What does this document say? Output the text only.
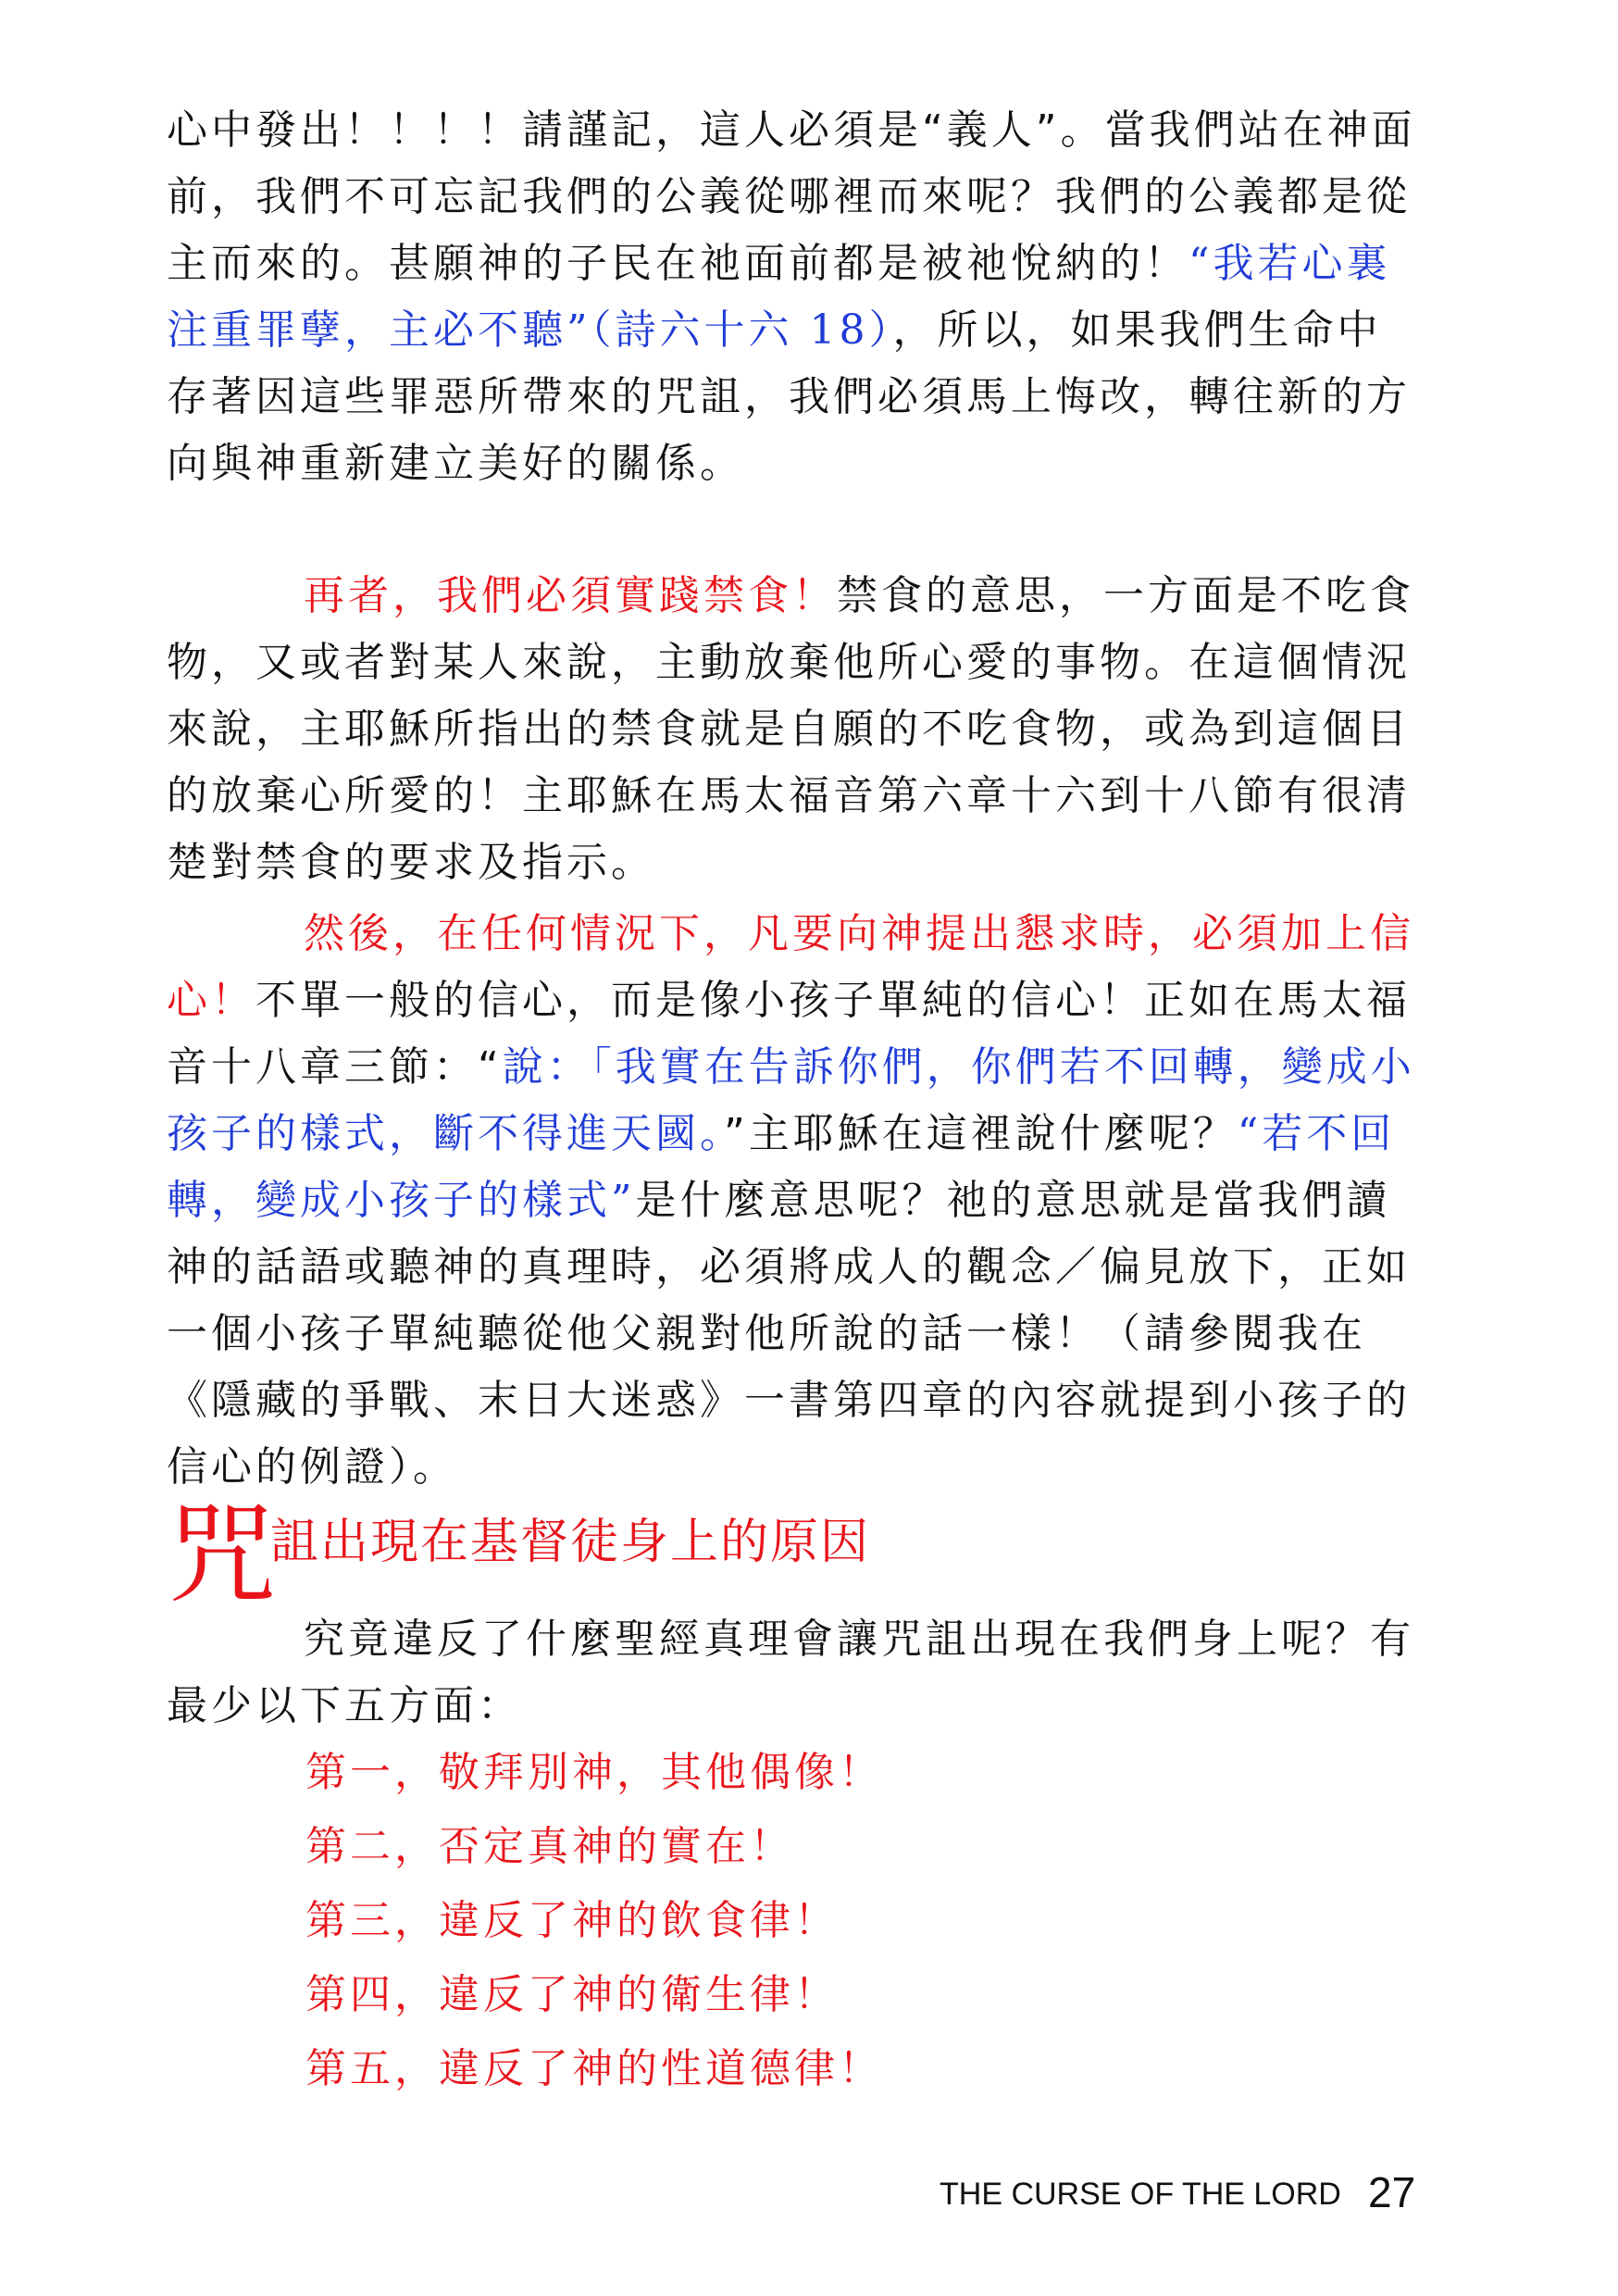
心中發出！！！！請謹記，這人必須是“義人”。當我們站在神面前，我們不可忘記我們的公義從哪裡而來呢？我們的公義都是從主而來的。甚願神的子民在祂面前都是被祂悅納的！“我若心裏注重罪孽，主必不聽”（詩六十六 18），所以，如果我們生命中存著因這些罪惡所帶來的咒詛，我們必須馬上悔改，轉往新的方向與神重新建立美好的關係。
再者，我們必須實踐禁食！禁食的意思，一方面是不吃食物，又或者對某人來說，主動放棄他所心愛的事物。在這個情況來說，主耶穌所指出的禁食就是自願的不吃食物，或為到這個目的放棄心所愛的！主耶穌在馬太福音第六章十六到十八節有很清楚對禁食的要求及指示。
然後，在任何情況下，凡要向神提出懇求時，必須加上信心！不單一般的信心，而是像小孩子單純的信心！正如在馬太福音十八章三節：“說：「我實在告訴你們，你們若不回轉，變成小孩子的樣式，斷不得進天國。”主耶穌在這裡說什麼呢？“若不回轉，變成小孩子的樣式”是什麼意思呢？祂的意思就是當我們讀神的話語或聽神的真理時，必須將成人的觀念／偏見放下，正如一個小孩子單純聽從他父親對他所說的話一樣！（請參閱我在《隱藏的爭戰、末日大迷惑》一書第四章的內容就提到小孩子的信心的例證）。
咒
詛出現在基督徒身上的原因
究竟違反了什麼聖經真理會讓咒詛出現在我們身上呢？有最少以下五方面：
第一，敬拜別神，其他偶像！
第二，否定真神的實在！
第三，違反了神的飲食律！
第四，違反了神的衛生律！
第五，違反了神的性道德律！
THE CURSE OF THE LORD 27
